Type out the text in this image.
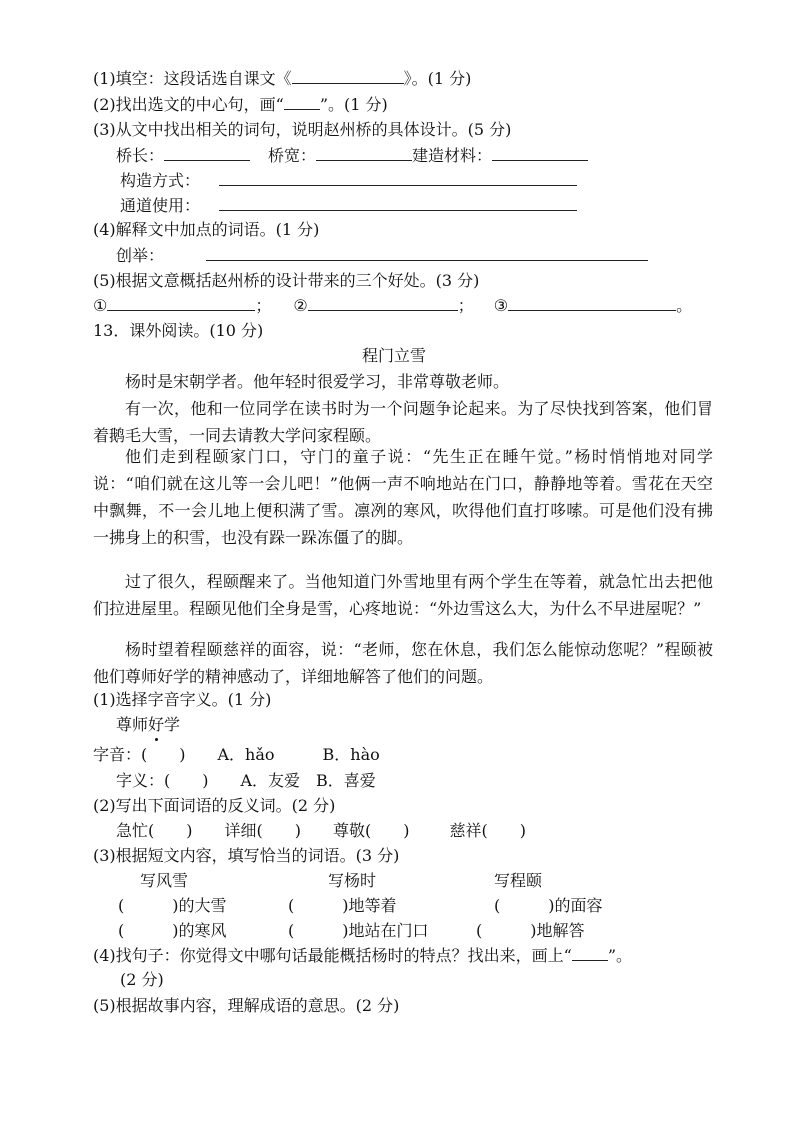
(1)填空：这段话选自课文《	》。(1 分)
(2)找出选文的中心句，画“ ”。(1 分)
(3)从文中找出相关的词句，说明赵州桥的具体设计。(5 分)
桥长：	桥宽：	建造材料：
构造方式：
通道使用：
(4)解释文中加点的词语。(1 分)
创举：
(5)根据文意概括赵州桥的设计带来的三个好处。(3 分)
①	； ②	； ③	。
13．课外阅读。(10 分)
程门立雪
杨时是宋朝学者。他年轻时很爱学习，非常尊敬老师。
有一次，他和一位同学在读书时为一个问题争论起来。为了尽快找到答案，他们冒着鹅毛大雪，一同去请教大学问家程颐。
他们走到程颐家门口，守门的童子说：“先生正在睡午觉。”杨时悄悄地对同学说：“咱们就在这儿等一会儿吧！”他俩一声不响地站在门口，静静地等着。雪花在天空中飘舞，不一会儿地上便积满了雪。凛冽的寒风，吹得他们直打哆嗦。可是他们没有拂一拂身上的积雪，也没有跺一跺冻僵了的脚。
过了很久，程颐醒来了。当他知道门外雪地里有两个学生在等着，就急忙出去把他们拉进屋里。程颐见他们全身是雪，心疼地说：“外边雪这么大，为什么不早进屋呢？”
杨时望着程颐慈祥的面容，说：“老师，您在休息，我们怎么能惊动您呢？”程颐被他们尊师好学的精神感动了，详细地解答了他们的问题。
(1)选择字音字义。(1 分)
尊师好学
字音：(　　)　　A．hǎo　　　B．hào
字义：(　　)　　A．友爱　B．喜爱
(2)写出下面词语的反义词。(2 分)
急忙(　　) 详细(　　) 尊敬(　　)	慈祥(　　)
(3)根据短文内容，填写恰当的词语。(3 分)
写风雪	写杨时	写程颐
(　　　)的大雪	(　　　)地等着	(　　　)的面容
(　　　)的寒风	(　　　)地站在门口	(　　　)地解答
(4)找句子：你觉得文中哪句话最能概括杨时的特点？找出来，画上“ ”。
(2 分)
(5)根据故事内容，理解成语的意思。(2 分)
